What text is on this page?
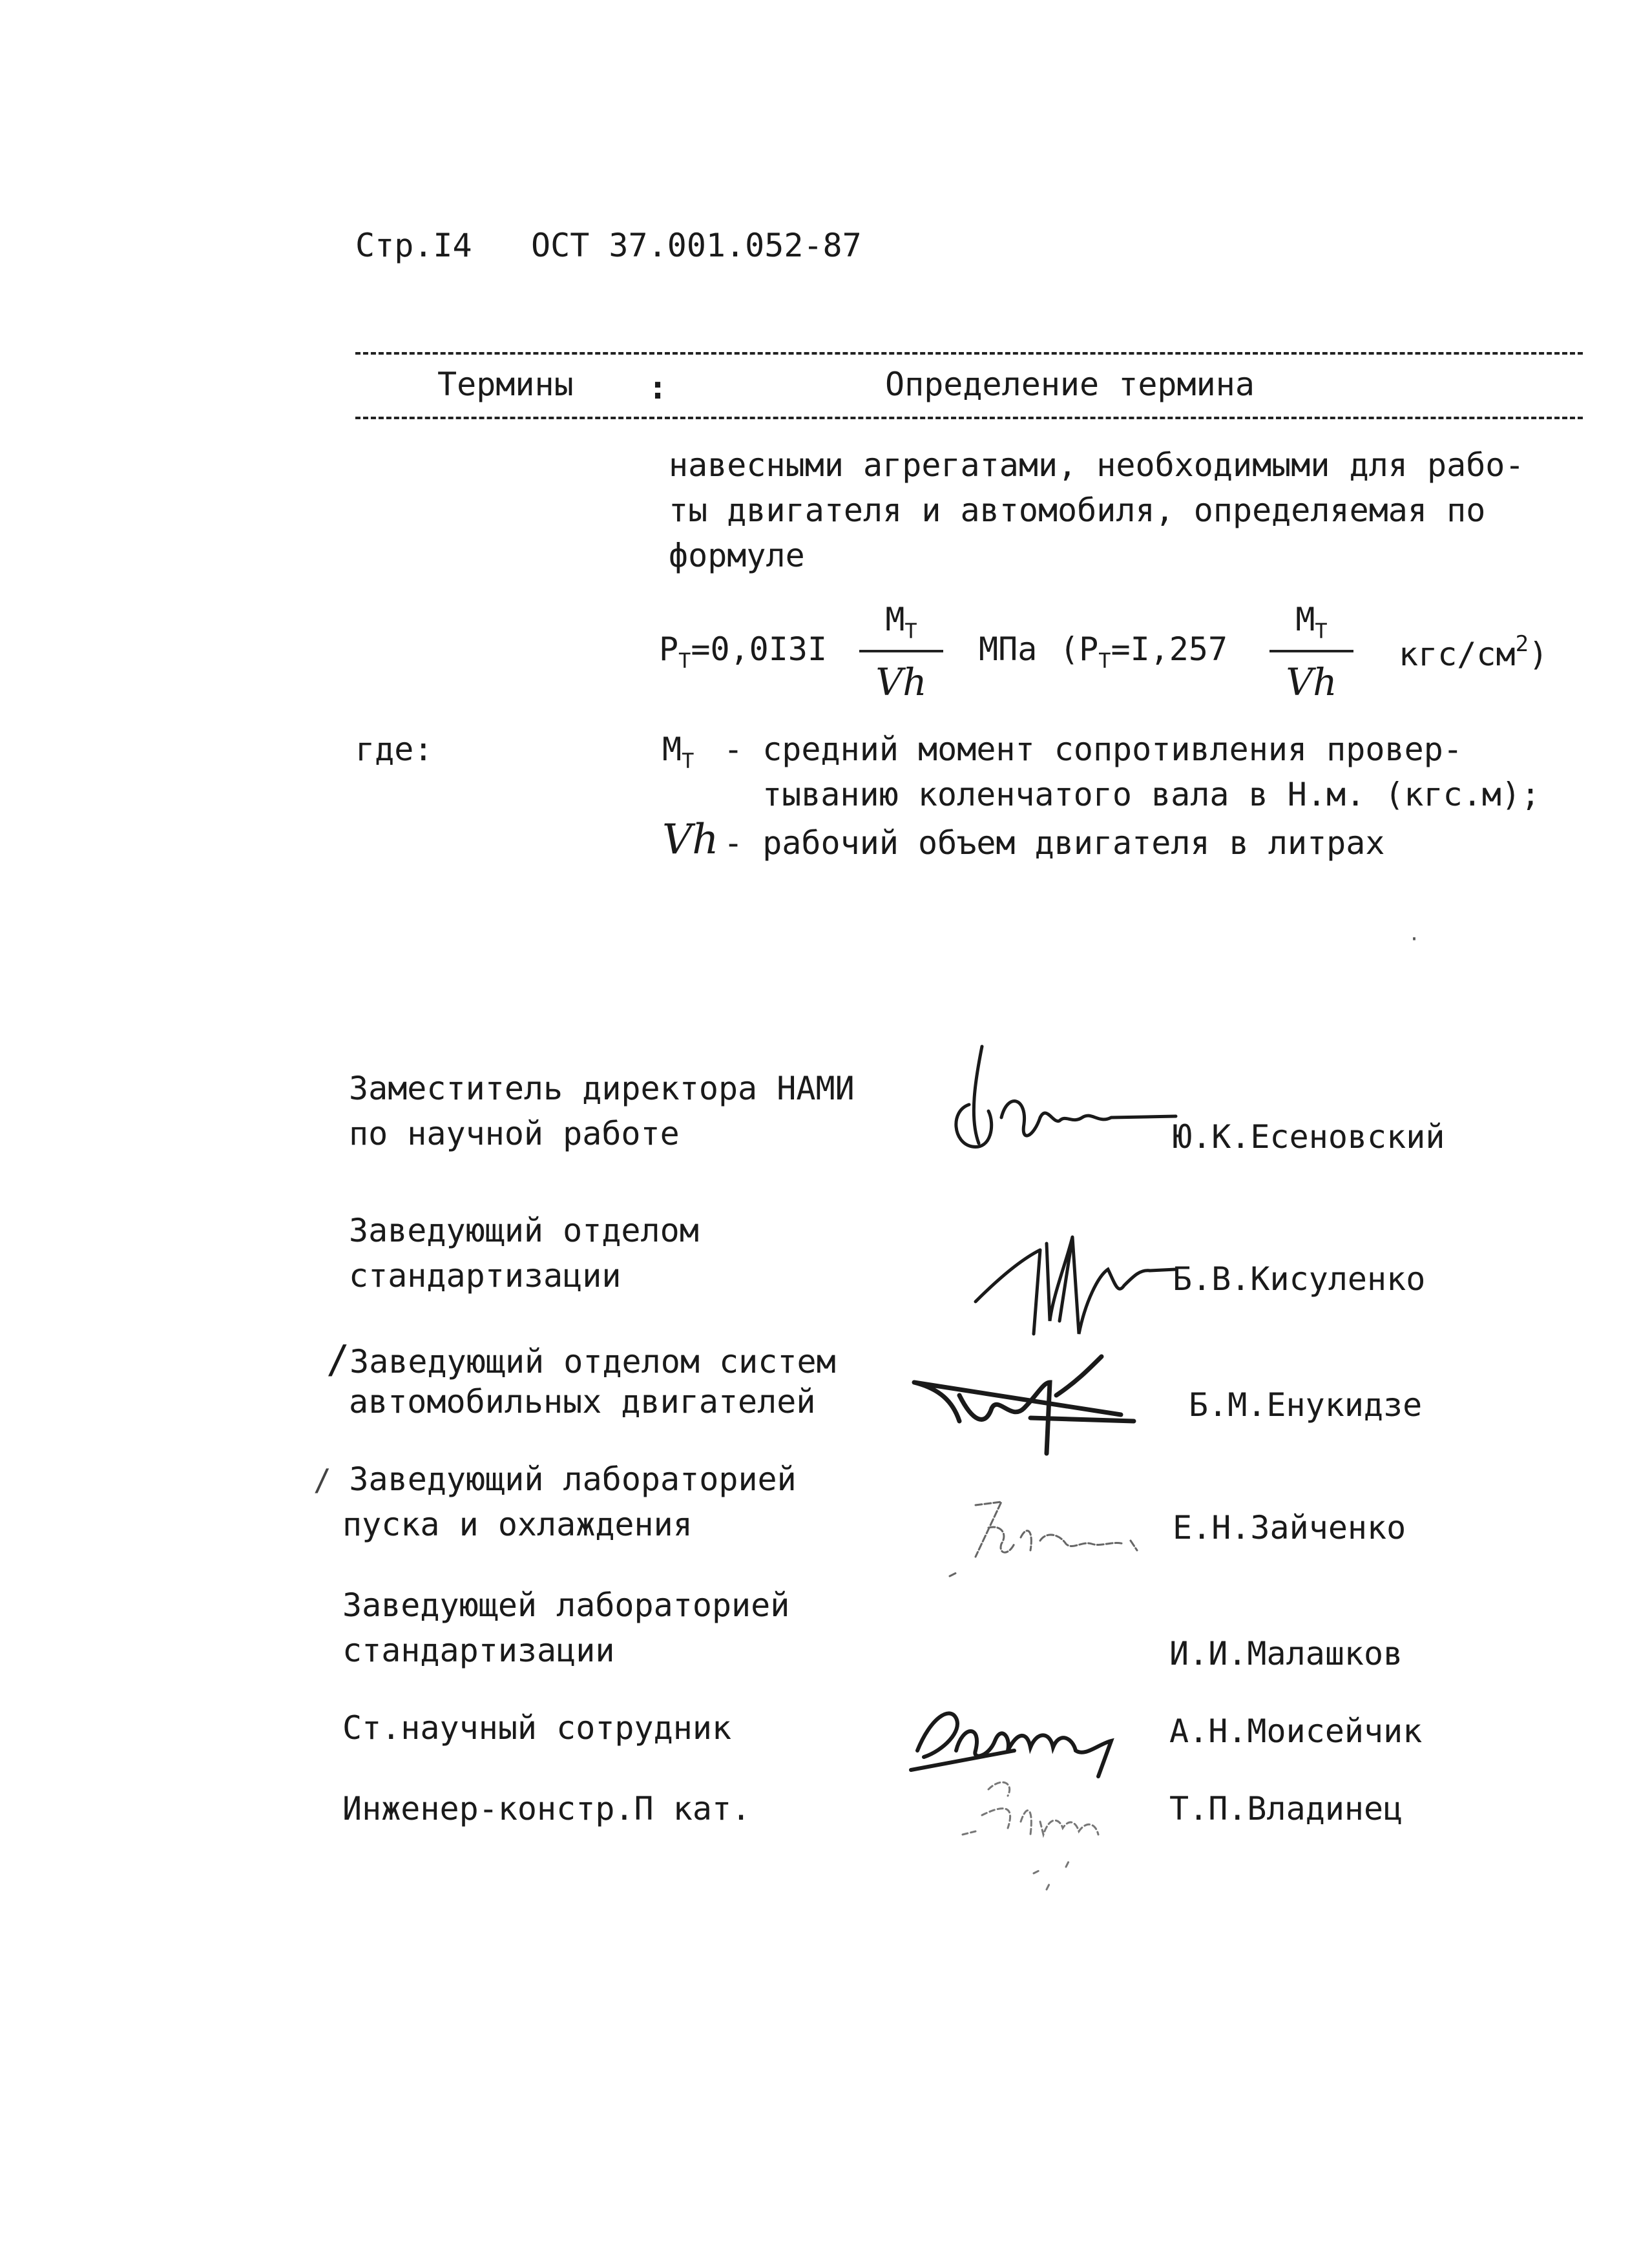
Стр.I4 ОСТ 37.001.052-87
Термины :	Определение термина
навесными агрегатами, необходимыми для рабо-
ты двигателя и автомобиля, определяемая по
формуле
$P_T=0,0I3I$
$M_T$
Vh
МПа ($P_T=I,257$
$M_T$
Vh
кгс/$см^2$)
где:	$M_T$ - средний момент сопротивления провер-
тыванию коленчатого вала в Н.м. (кгс.м);
Vh - рабочий объем двигателя в литрах
Заместитель директора НАМИ
по научной работе
Заведующий отделом
стандартизации
/Заведующий отделом систем
автомобильных двигателей
/ Заведующий лабораторией
пуска и охлаждения
Заведующей лабораторией
стандартизации
Ст.научный сотрудник
Инженер-констр.П кат.
Ю.К.Есеновский
Б.В.Кисуленко
Б.М.Енукидзе
Е.Н.Зайченко
И.И.Малашков
А.Н.Моисейчик
Т.П.Владинец
·
